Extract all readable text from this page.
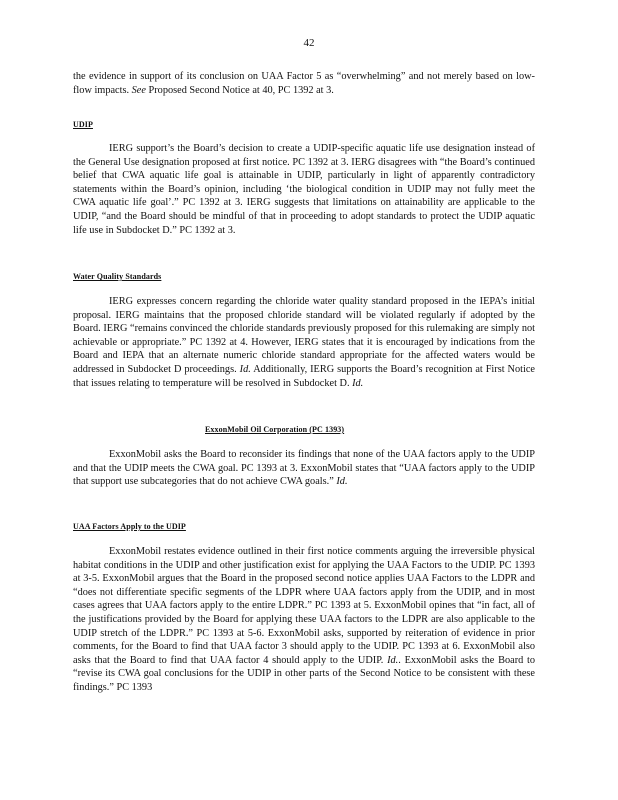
42

the evidence in support of its conclusion on UAA Factor 5 as “overwhelming” and not merely based on low-flow impacts. See Proposed Second Notice at 40, PC 1392 at 3.

UDIP

IERG support’s the Board’s decision to create a UDIP-specific aquatic life use designation instead of the General Use designation proposed at first notice. PC 1392 at 3. IERG disagrees with “the Board’s continued belief that CWA aquatic life goal is attainable in UDIP, particularly in light of apparently contradictory statements within the Board’s opinion, including ‘the biological condition in UDIP may not fully meet the CWA aquatic life goal’.” PC 1392 at 3. IERG suggests that limitations on attainability are applicable to the UDIP, “and the Board should be mindful of that in proceeding to adopt standards to protect the UDIP aquatic life use in Subdocket D.” PC 1392 at 3.

Water Quality Standards

IERG expresses concern regarding the chloride water quality standard proposed in the IEPA’s initial proposal. IERG maintains that the proposed chloride standard will be violated regularly if adopted by the Board. IERG “remains convinced the chloride standards previously proposed for this rulemaking are simply not achievable or appropriate.” PC 1392 at 4. However, IERG states that it is encouraged by indications from the Board and IEPA that an alternate numeric chloride standard appropriate for the affected waters would be addressed in Subdocket D proceedings. Id. Additionally, IERG supports the Board’s recognition at First Notice that issues relating to temperature will be resolved in Subdocket D. Id.

ExxonMobil Oil Corporation (PC 1393)

ExxonMobil asks the Board to reconsider its findings that none of the UAA factors apply to the UDIP and that the UDIP meets the CWA goal. PC 1393 at 3. ExxonMobil states that “UAA factors apply to the UDIP that support use subcategories that do not achieve CWA goals.” Id.

UAA Factors Apply to the UDIP

ExxonMobil restates evidence outlined in their first notice comments arguing the irreversible physical habitat conditions in the UDIP and other justification exist for applying the UAA Factors to the UDIP. PC 1393 at 3-5. ExxonMobil argues that the Board in the proposed second notice applies UAA Factors to the LDPR and “does not differentiate specific segments of the LDPR where UAA factors apply from the UDIP, and in most cases agrees that UAA factors apply to the entire LDPR.” PC 1393 at 5. ExxonMobil opines that “in fact, all of the justifications provided by the Board for applying these UAA factors to the LDPR are also applicable to the UDIP stretch of the LDPR.” PC 1393 at 5-6. ExxonMobil asks, supported by reiteration of evidence in prior comments, for the Board to find that UAA factor 3 should apply to the UDIP. PC 1393 at 6. ExxonMobil also asks that the Board to find that UAA factor 4 should apply to the UDIP. Id.. ExxonMobil asks the Board to “revise its CWA goal conclusions for the UDIP in other parts of the Second Notice to be consistent with these findings.” PC 1393
